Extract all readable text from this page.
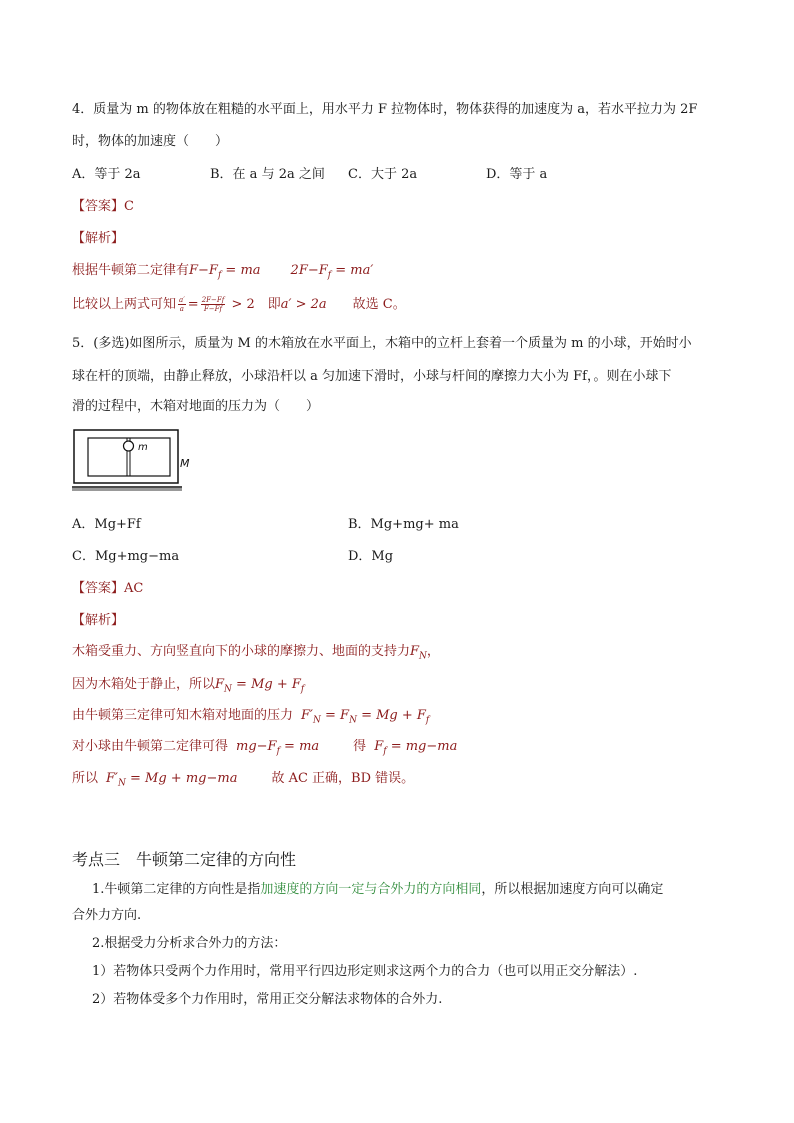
4．质量为 m 的物体放在粗糙的水平面上，用水平力 F 拉物体时，物体获得的加速度为 a，若水平拉力为 2F
时，物体的加速度（　　）
A．等于 2a	B．在 a 与 2a 之间 C．大于 2a	D．等于 a
【答案】C
【解析】
根据牛顿第二定律有$F-F_f$ = ma $2F-F_f = ma'$
比较以上两式可知 $\frac{a'}{a} = \frac{2F-Ff}{F-Ff} > 2$　即a′ > 2a　　故选 C。
5．(多选)如图所示，质量为 M 的木箱放在水平面上，木箱中的立杆上套着一个质量为 m 的小球，开始时小
球在杆的顶端，由静止释放，小球沿杆以 a 匀加速下滑时，小球与杆间的摩擦力大小为 Ff，。则在小球下
滑的过程中，木箱对地面的压力为（　　）
m
M
A．Mg+Ff	B．Mg+mg+ ma
C．Mg+mg−ma	D．Mg
【答案】AC
【解析】
木箱受重力、方向竖直向下的小球的摩擦力、地面的支持力$F_N$，
因为木箱处于静止，所以$F_N = Mg + F_f$
由牛顿第三定律可知木箱对地面的压力 $F'_N = F_N = Mg + F_f$
对小球由牛顿第二定律可得 $mg-F_f$ = ma	得 $F_f = mg-ma$
所以 $F'_N = Mg + mg-ma$	故 AC 正确，BD 错误。
考点三　牛顿第二定律的方向性
1.牛顿第二定律的方向性是指加速度的方向一定与合外力的方向相同，所以根据加速度方向可以确定
合外力方向.
2.根据受力分析求合外力的方法：
1）若物体只受两个力作用时，常用平行四边形定则求这两个力的合力（也可以用正交分解法）.
2）若物体受多个力作用时，常用正交分解法求物体的合外力.
